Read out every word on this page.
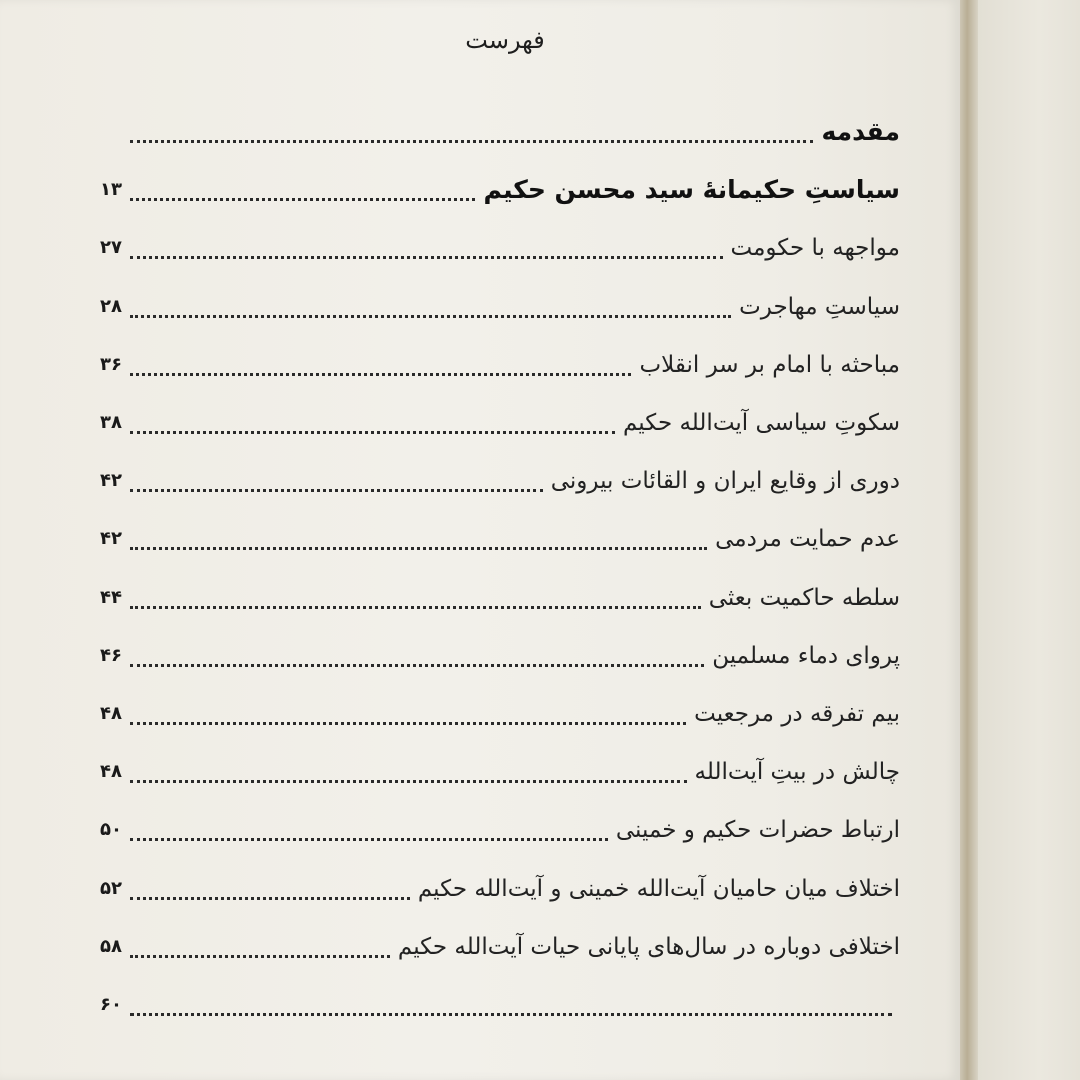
فهرست
مقدمه
سیاستِ حکیمانهٔ سید محسن حکیم
۱۳
مواجهه با حکومت
۲۷
سیاستِ مهاجرت
۲۸
مباحثه با امام بر سر انقلاب
۳۶
سکوتِ سیاسی آیت‌الله حکیم
۳۸
دوری از وقایع ایران و القائات بیرونی
۴۲
عدم حمایت مردمی
۴۲
سلطه حاکمیت بعثی
۴۴
پروای دماء مسلمین
۴۶
بیم تفرقه در مرجعیت
۴۸
چالش در بیتِ آیت‌الله
۴۸
ارتباط حضرات حکیم و خمینی
۵۰
اختلاف میان حامیان آیت‌الله خمینی و آیت‌الله حکیم
۵۲
اختلافی دوباره در سال‌های پایانی حیات آیت‌الله حکیم
۵۸
۶۰
